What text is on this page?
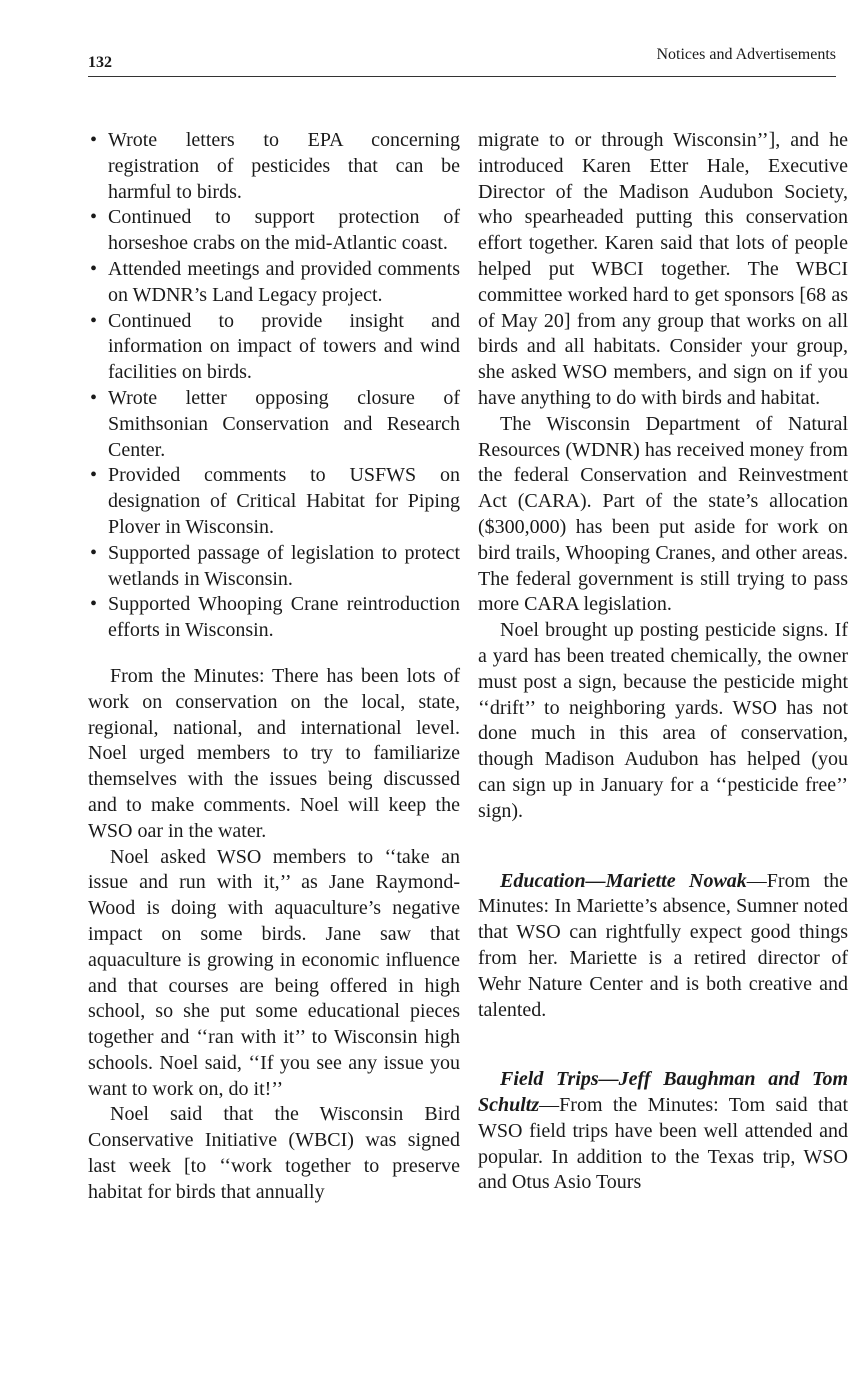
132	Notices and Advertisements
• Wrote letters to EPA concerning registration of pesticides that can be harmful to birds.
• Continued to support protection of horseshoe crabs on the mid-Atlantic coast.
• Attended meetings and provided comments on WDNR’s Land Legacy project.
• Continued to provide insight and information on impact of towers and wind facilities on birds.
• Wrote letter opposing closure of Smithsonian Conservation and Research Center.
• Provided comments to USFWS on designation of Critical Habitat for Piping Plover in Wisconsin.
• Supported passage of legislation to protect wetlands in Wisconsin.
• Supported Whooping Crane reintroduction efforts in Wisconsin.

From the Minutes: There has been lots of work on conservation on the local, state, regional, national, and international level. Noel urged members to try to familiarize themselves with the issues being discussed and to make comments. Noel will keep the WSO oar in the water.

Noel asked WSO members to ‘‘take an issue and run with it,’’ as Jane Raymond-Wood is doing with aquaculture’s negative impact on some birds. Jane saw that aquaculture is growing in economic influence and that courses are being offered in high school, so she put some educational pieces together and ‘‘ran with it’’ to Wisconsin high schools. Noel said, ‘‘If you see any issue you want to work on, do it!’’

Noel said that the Wisconsin Bird Conservative Initiative (WBCI) was signed last week [to ‘‘work together to preserve habitat for birds that annually

migrate to or through Wisconsin’’], and he introduced Karen Etter Hale, Executive Director of the Madison Audubon Society, who spearheaded putting this conservation effort together. Karen said that lots of people helped put WBCI together. The WBCI committee worked hard to get sponsors [68 as of May 20] from any group that works on all birds and all habitats. Consider your group, she asked WSO members, and sign on if you have anything to do with birds and habitat.

The Wisconsin Department of Natural Resources (WDNR) has received money from the federal Conservation and Reinvestment Act (CARA). Part of the state’s allocation ($300,000) has been put aside for work on bird trails, Whooping Cranes, and other areas. The federal government is still trying to pass more CARA legislation.

Noel brought up posting pesticide signs. If a yard has been treated chemically, the owner must post a sign, because the pesticide might ‘‘drift’’ to neighboring yards. WSO has not done much in this area of conservation, though Madison Audubon has helped (you can sign up in January for a ‘‘pesticide free’’ sign).

Education—Mariette Nowak—From the Minutes: In Mariette’s absence, Sumner noted that WSO can rightfully expect good things from her. Mariette is a retired director of Wehr Nature Center and is both creative and talented.

Field Trips—Jeff Baughman and Tom Schultz—From the Minutes: Tom said that WSO field trips have been well attended and popular. In addition to the Texas trip, WSO and Otus Asio Tours
